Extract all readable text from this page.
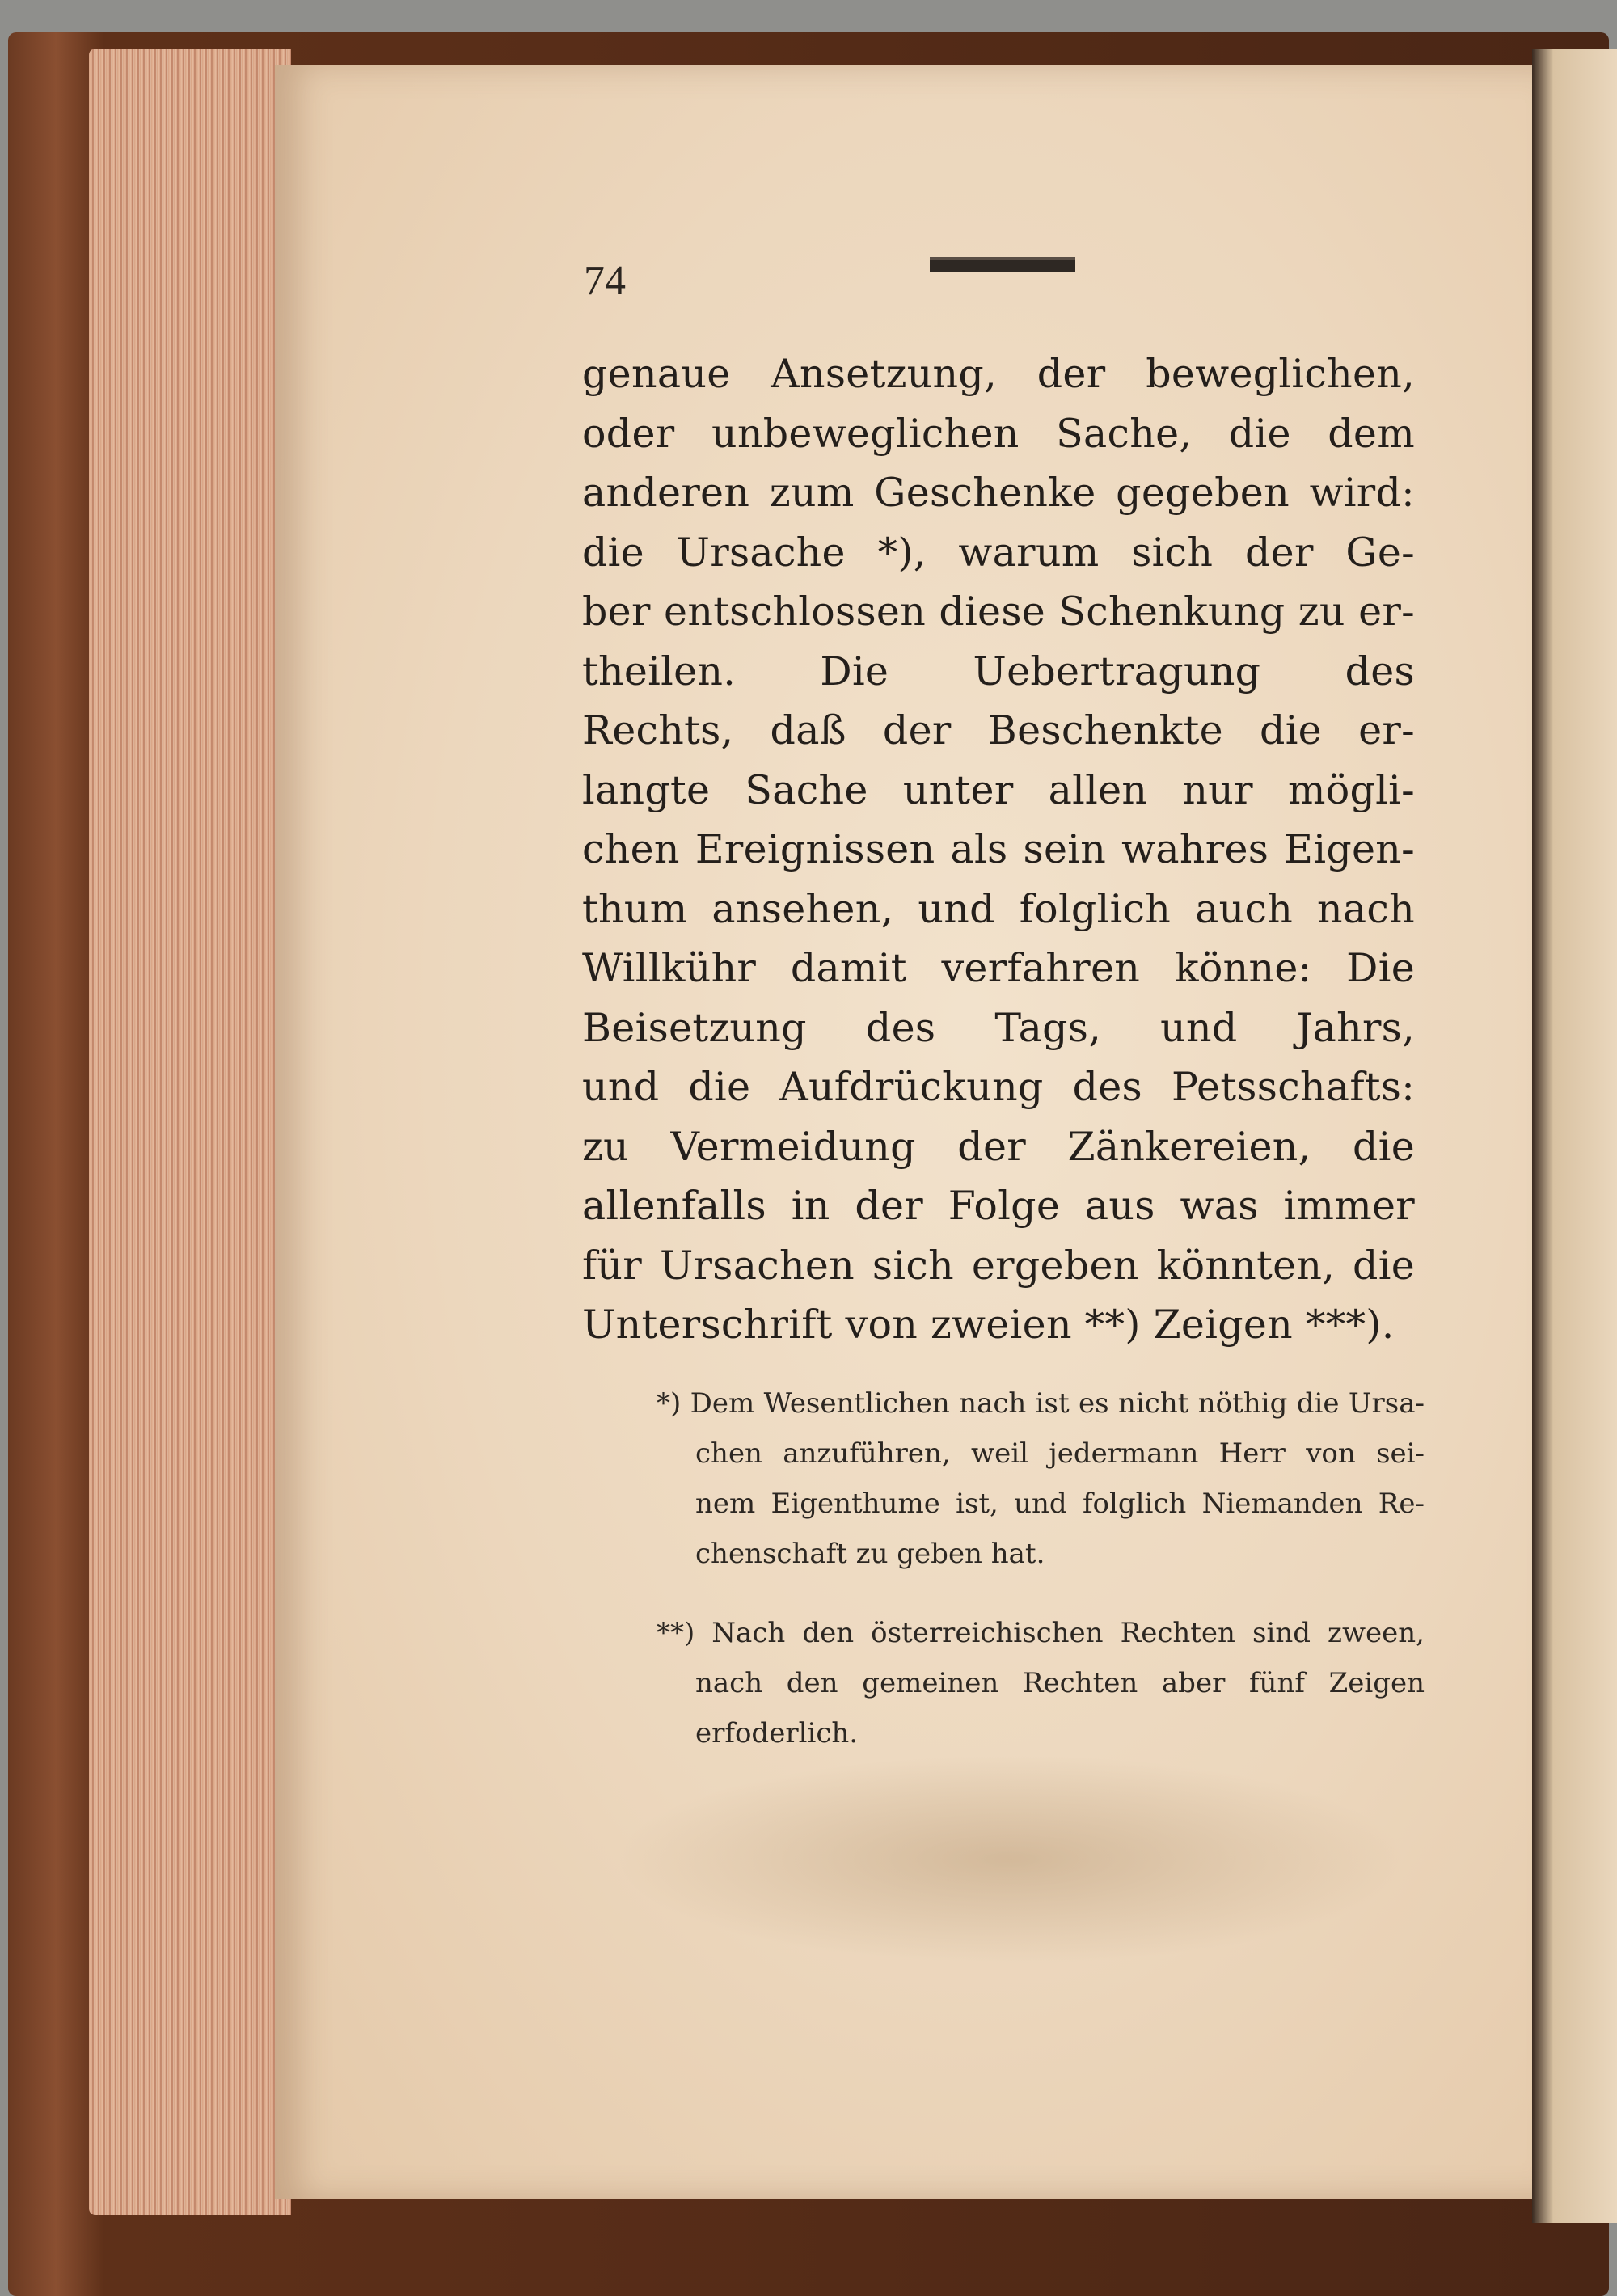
74
genaue Ansetzung, der beweglichen,
oder unbeweglichen Sache, die dem
anderen zum Geschenke gegeben wird:
die Ursache *), warum sich der Ge-
ber entschlossen diese Schenkung zu er-
theilen. Die Uebertragung des
Rechts, daß der Beschenkte die er-
langte Sache unter allen nur mögli-
chen Ereignissen als sein wahres Eigen-
thum ansehen, und folglich auch nach
Willkühr damit verfahren könne: Die
Beisetzung des Tags, und Jahrs,
und die Aufdrückung des Petsschafts:
zu Vermeidung der Zänkereien, die
allenfalls in der Folge aus was immer
für Ursachen sich ergeben könnten, die
Unterschrift von zweien **) Zeigen ***).
*) Dem Wesentlichen nach ist es nicht nöthig die Ursa-
chen anzuführen, weil jedermann Herr von sei-
nem Eigenthume ist, und folglich Niemanden Re-
chenschaft zu geben hat.
**) Nach den österreichischen Rechten sind zween,
nach den gemeinen Rechten aber fünf Zeigen
erfoderlich.
